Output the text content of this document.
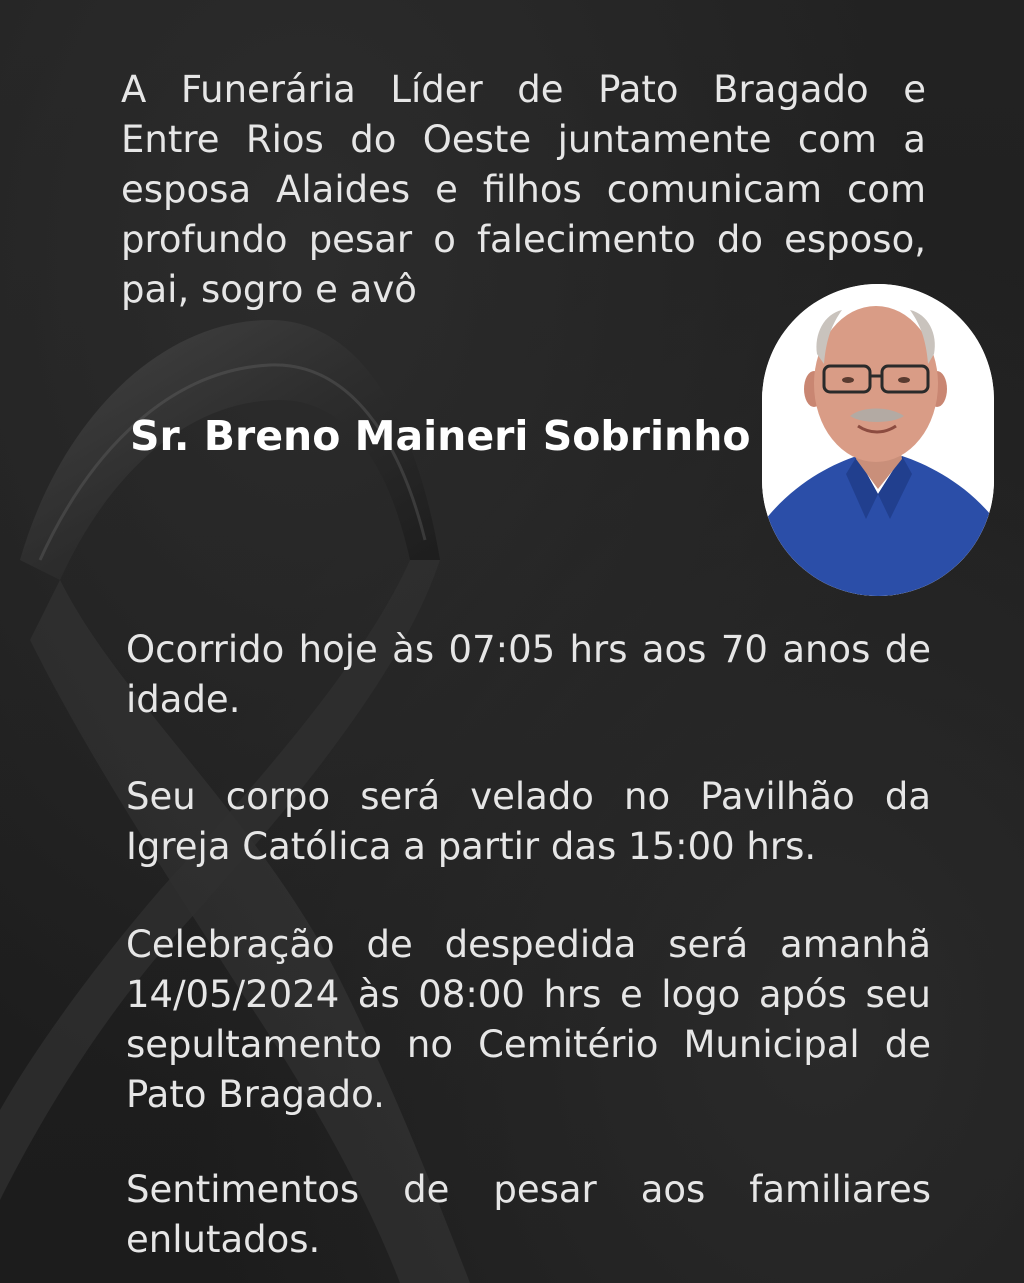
A Funerária Líder de Pato Bragado e
Entre Rios do Oeste juntamente com a
esposa Alaides e filhos comunicam com
profundo pesar o falecimento do esposo,
pai, sogro e avô
Sr. Breno Maineri Sobrinho
Ocorrido hoje às 07:05 hrs aos 70 anos de
idade.
Seu corpo será velado no Pavilhão da
Igreja Católica a partir das 15:00 hrs.
Celebração de despedida será amanhã
14/05/2024 às 08:00 hrs e logo após seu
sepultamento no Cemitério Municipal de
Pato Bragado.
Sentimentos de pesar aos familiares
enlutados.
